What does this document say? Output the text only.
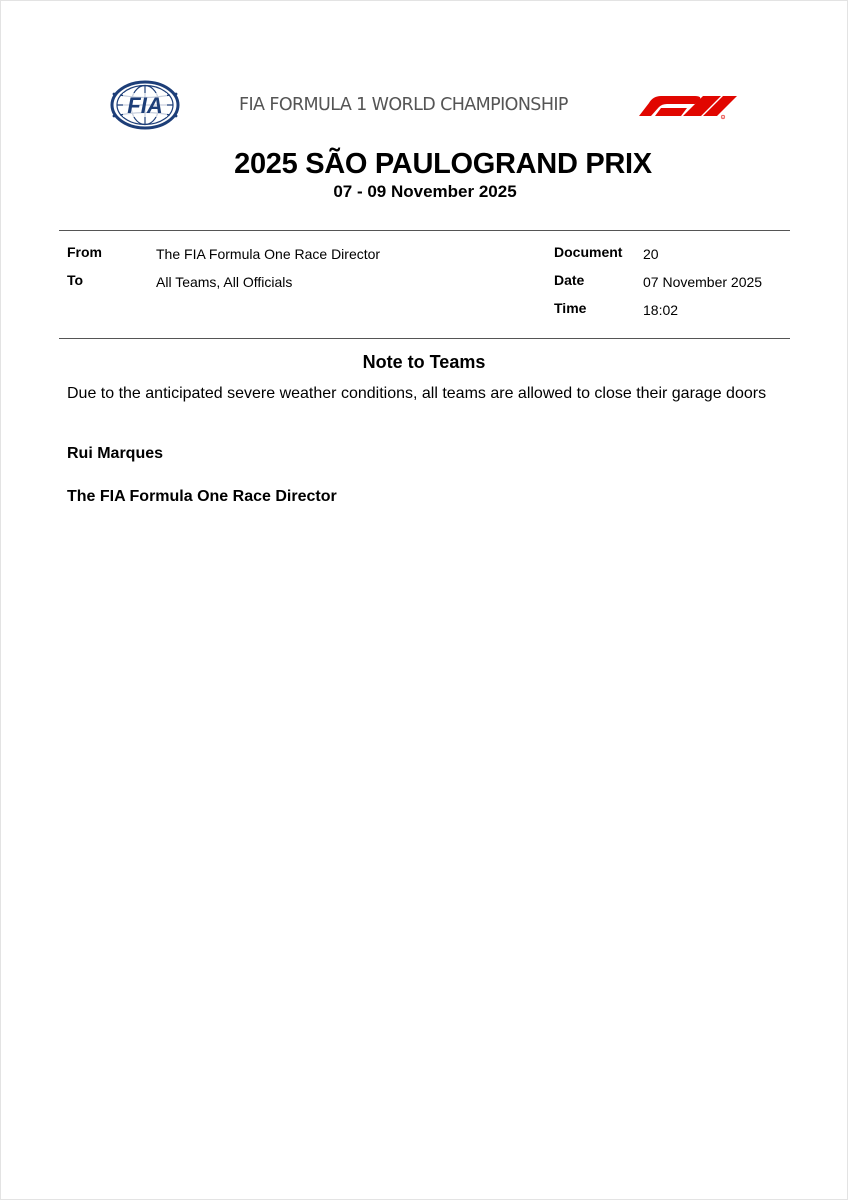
FIA	FIA FORMULA 1 WORLD CHAMPIONSHIP
R
2025 SÃO PAULOGRAND PRIX
07 - 09 November 2025
From	The FIA Formula One Race Director
To	All Teams, All Officials
Document 20
Date	07 November 2025
Time	18:02
Note to Teams
Due to the anticipated severe weather conditions, all teams are allowed to close their garage doors
Rui Marques
The FIA Formula One Race Director
